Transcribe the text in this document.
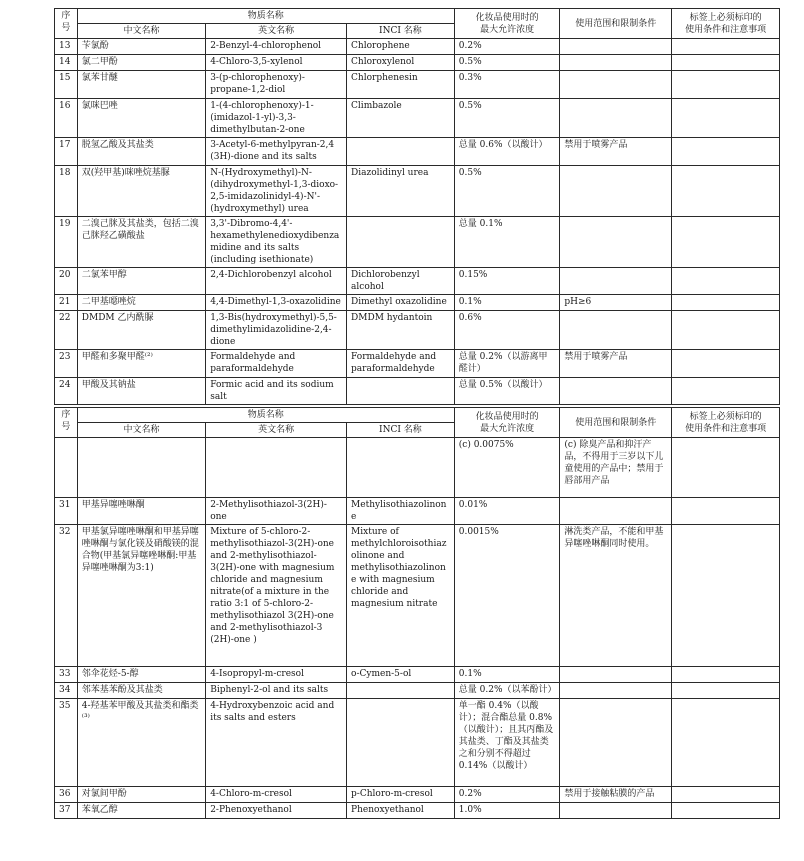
序号	物质名称			化妆品使用时的
最大允许浓度	使用范围和限制条件	标签上必须标印的
使用条件和注意事项
	中文名称	英文名称	INCI 名称			
13	苄氯酚	2-Benzyl-4-chlorophenol	Chlorophene	0.2%		
14	氯二甲酚	4-Chloro-3,5-xylenol	Chloroxylenol	0.5%		
15	氯苯甘醚	3-(p-chlorophenoxy)-propane-1,2-diol	Chlorphenesin	0.3%		
16	氯咪巴唑	1-(4-chlorophenoxy)-1-(imidazol-1-yl)-3,3-dimethylbutan-2-one	Climbazole	0.5%		
17	脱氢乙酸及其盐类	3-Acetyl-6-methylpyran-2,4 (3H)-dione and its salts		总量 0.6%（以酸计）	禁用于喷雾产品	
18	双(羟甲基)咪唑烷基脲	N-(Hydroxymethyl)-N-(dihydroxymethyl-1,3-dioxo-2,5-imidazolinidyl-4)-N'-(hydroxymethyl) urea	Diazolidinyl urea	0.5%		
19	二溴己脒及其盐类，包括二溴己脒羟乙磺酸盐	3,3'-Dibromo-4,4'-hexamethylenedioxydibenzamidine and its salts (including isethionate)		总量 0.1%		
20	二氯苯甲醇	2,4-Dichlorobenzyl alcohol	Dichlorobenzyl alcohol	0.15%		
21	二甲基噁唑烷	4,4-Dimethyl-1,3-oxazolidine	Dimethyl oxazolidine	0.1%	pH≥6	
22	DMDM 乙内酰脲	1,3-Bis(hydroxymethyl)-5,5-dimethylimidazolidine-2,4-dione	DMDM hydantoin	0.6%		
23	甲醛和多聚甲醛⁽²⁾	Formaldehyde and paraformaldehyde	Formaldehyde and paraformaldehyde	总量 0.2%（以游离甲醛计）	禁用于喷雾产品	
24	甲酸及其钠盐	Formic acid and its sodium salt		总量 0.5%（以酸计）		
序号	物质名称			化妆品使用时的
最大允许浓度	使用范围和限制条件	标签上必须标印的
使用条件和注意事项
	中文名称	英文名称	INCI 名称			
				(c) 0.0075%	(c) 除臭产品和抑汗产品，不得用于三岁以下儿童使用的产品中；禁用于唇部用产品	
31	甲基异噻唑啉酮	2-Methylisothiazol-3(2H)-one	Methylisothiazolinone	0.01%		
32	甲基氯异噻唑啉酮和甲基异噻唑啉酮与氯化镁及硝酸镁的混合物(甲基氯异噻唑啉酮:甲基异噻唑啉酮为3:1)	Mixture of 5-chloro-2-methylisothiazol-3(2H)-one and 2-methylisothiazol-3(2H)-one with magnesium chloride and magnesium nitrate(of a mixture in the ratio 3:1 of 5-chloro-2-methylisothiazol 3(2H)-one and 2-methylisothiazol-3 (2H)-one )	Mixture of methylchloroisothiazolinone and methylisothiazolinone with magnesium chloride and magnesium nitrate	0.0015%	淋洗类产品，不能和甲基异噻唑啉酮同时使用。	
33	邻伞花烃-5-醇	4-Isopropyl-m-cresol	o-Cymen-5-ol	0.1%		
34	邻苯基苯酚及其盐类	Biphenyl-2-ol and its salts		总量 0.2%（以苯酚计）		
35	4-羟基苯甲酸及其盐类和酯类⁽³⁾	4-Hydroxybenzoic acid and its salts and esters		单一酯 0.4%（以酸计）；混合酯总量 0.8%（以酸计）；且其丙酯及其盐类、丁酯及其盐类之和分别不得超过 0.14%（以酸计）		
36	对氯间甲酚	4-Chloro-m-cresol	p-Chloro-m-cresol	0.2%	禁用于接触粘膜的产品	
37	苯氧乙醇	2-Phenoxyethanol	Phenoxyethanol	1.0%		
